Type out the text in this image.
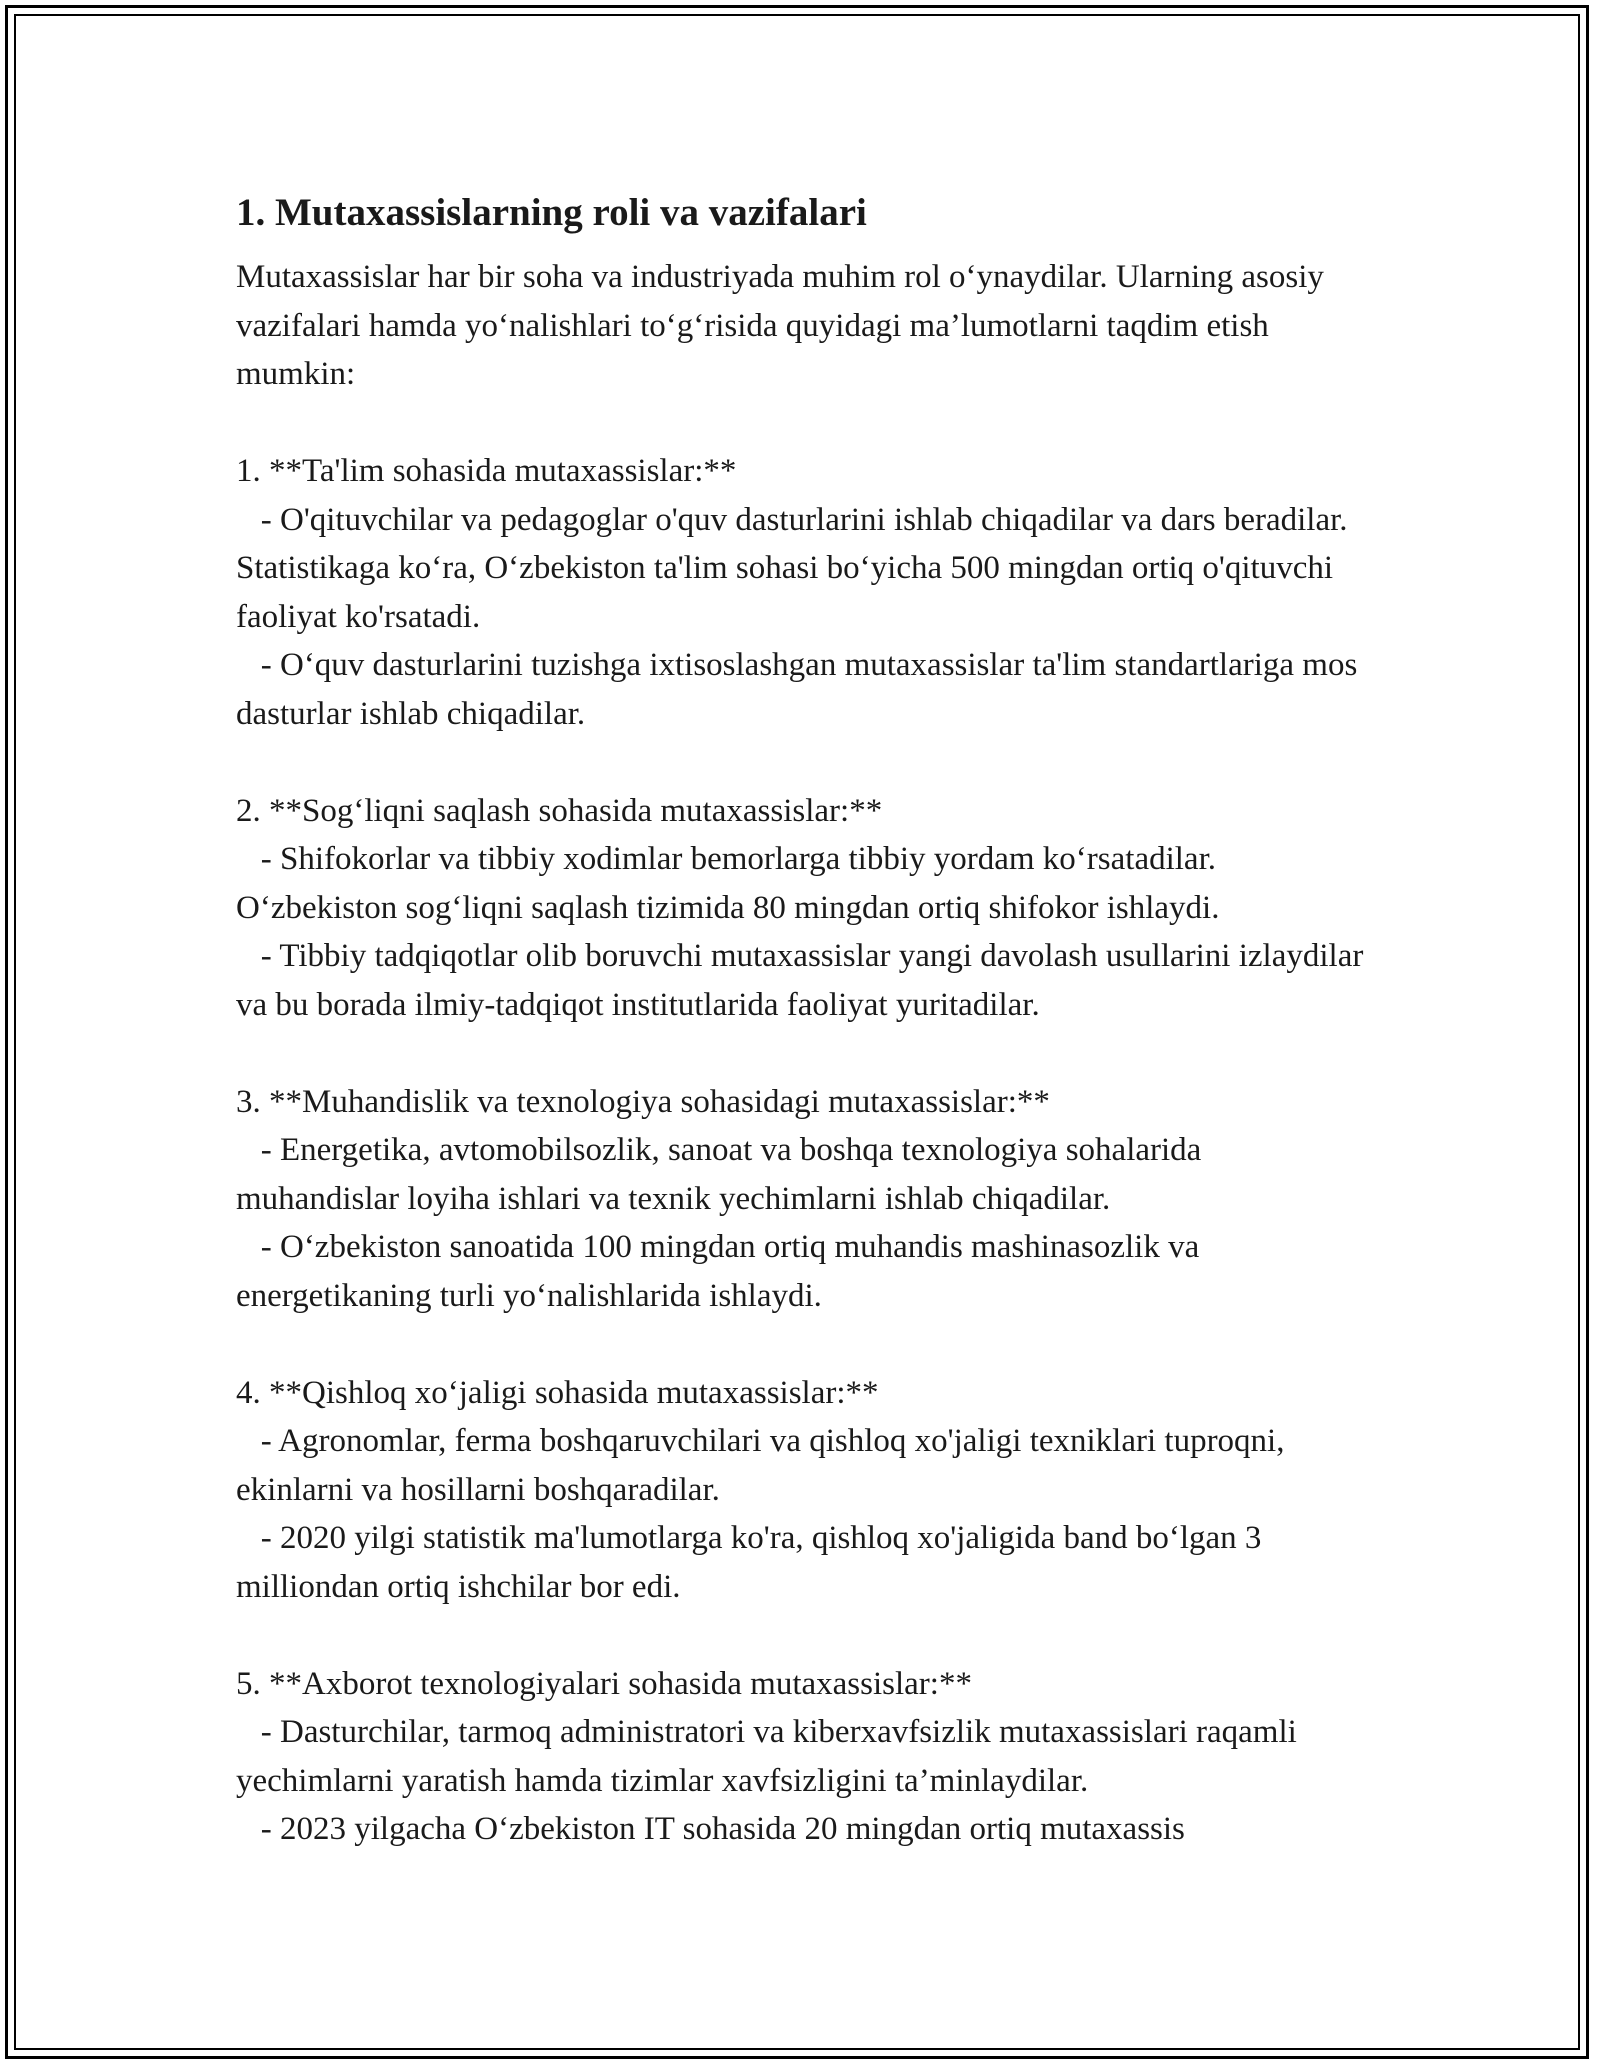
1. Mutaxassislarning roli va vazifalari

Mutaxassislar har bir soha va industriyada muhim rol o‘ynaydilar. Ularning asosiy vazifalari hamda yo‘nalishlari to‘g‘risida quyidagi ma’lumotlarni taqdim etish mumkin:

1. **Ta'lim sohasida mutaxassislar:**

- O'qituvchilar va pedagoglar o'quv dasturlarini ishlab chiqadilar va dars beradilar. Statistikaga ko‘ra, O‘zbekiston ta'lim sohasi bo‘yicha 500 mingdan ortiq o'qituvchi faoliyat ko'rsatadi.

- O‘quv dasturlarini tuzishga ixtisoslashgan mutaxassislar ta'lim standartlariga mos dasturlar ishlab chiqadilar.

2. **Sog‘liqni saqlash sohasida mutaxassislar:**

- Shifokorlar va tibbiy xodimlar bemorlarga tibbiy yordam ko‘rsatadilar. O‘zbekiston sog‘liqni saqlash tizimida 80 mingdan ortiq shifokor ishlaydi.

- Tibbiy tadqiqotlar olib boruvchi mutaxassislar yangi davolash usullarini izlaydilar va bu borada ilmiy-tadqiqot institutlarida faoliyat yuritadilar.

3. **Muhandislik va texnologiya sohasidagi mutaxassislar:**

- Energetika, avtomobilsozlik, sanoat va boshqa texnologiya sohalarida muhandislar loyiha ishlari va texnik yechimlarni ishlab chiqadilar.

- O‘zbekiston sanoatida 100 mingdan ortiq muhandis mashinasozlik va energetikaning turli yo‘nalishlarida ishlaydi.

4. **Qishloq xo‘jaligi sohasida mutaxassislar:**

- Agronomlar, ferma boshqaruvchilari va qishloq xo'jaligi texniklari tuproqni, ekinlarni va hosillarni boshqaradilar.

- 2020 yilgi statistik ma'lumotlarga ko'ra, qishloq xo'jaligida band bo‘lgan 3 milliondan ortiq ishchilar bor edi.

5. **Axborot texnologiyalari sohasida mutaxassislar:**

- Dasturchilar, tarmoq administratori va kiberxavfsizlik mutaxassislari raqamli yechimlarni yaratish hamda tizimlar xavfsizligini ta’minlaydilar.

- 2023 yilgacha O‘zbekiston IT sohasida 20 mingdan ortiq mutaxassis
